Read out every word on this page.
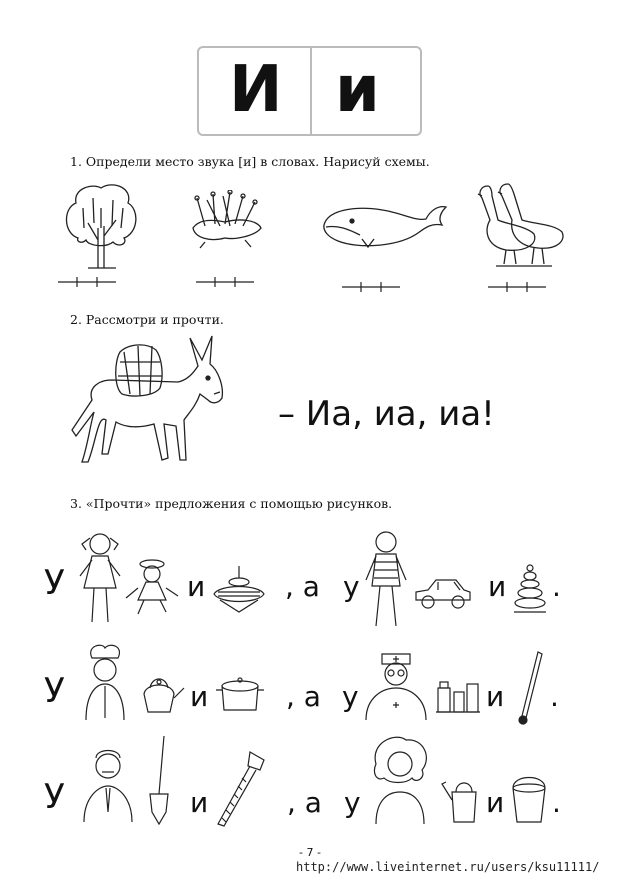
И и
1. Определи место звука [и] в словах. Нарисуй схемы.
2. Рассмотри и прочти.
– Иа, иа, иа!
3. «Прочти» предложения с помощью рисунков.
У	и	, а у	и .
У	и	, а у	и .
У	и	, а у	и .
- 7 -
http://www.liveinternet.ru/users/ksu11111/
